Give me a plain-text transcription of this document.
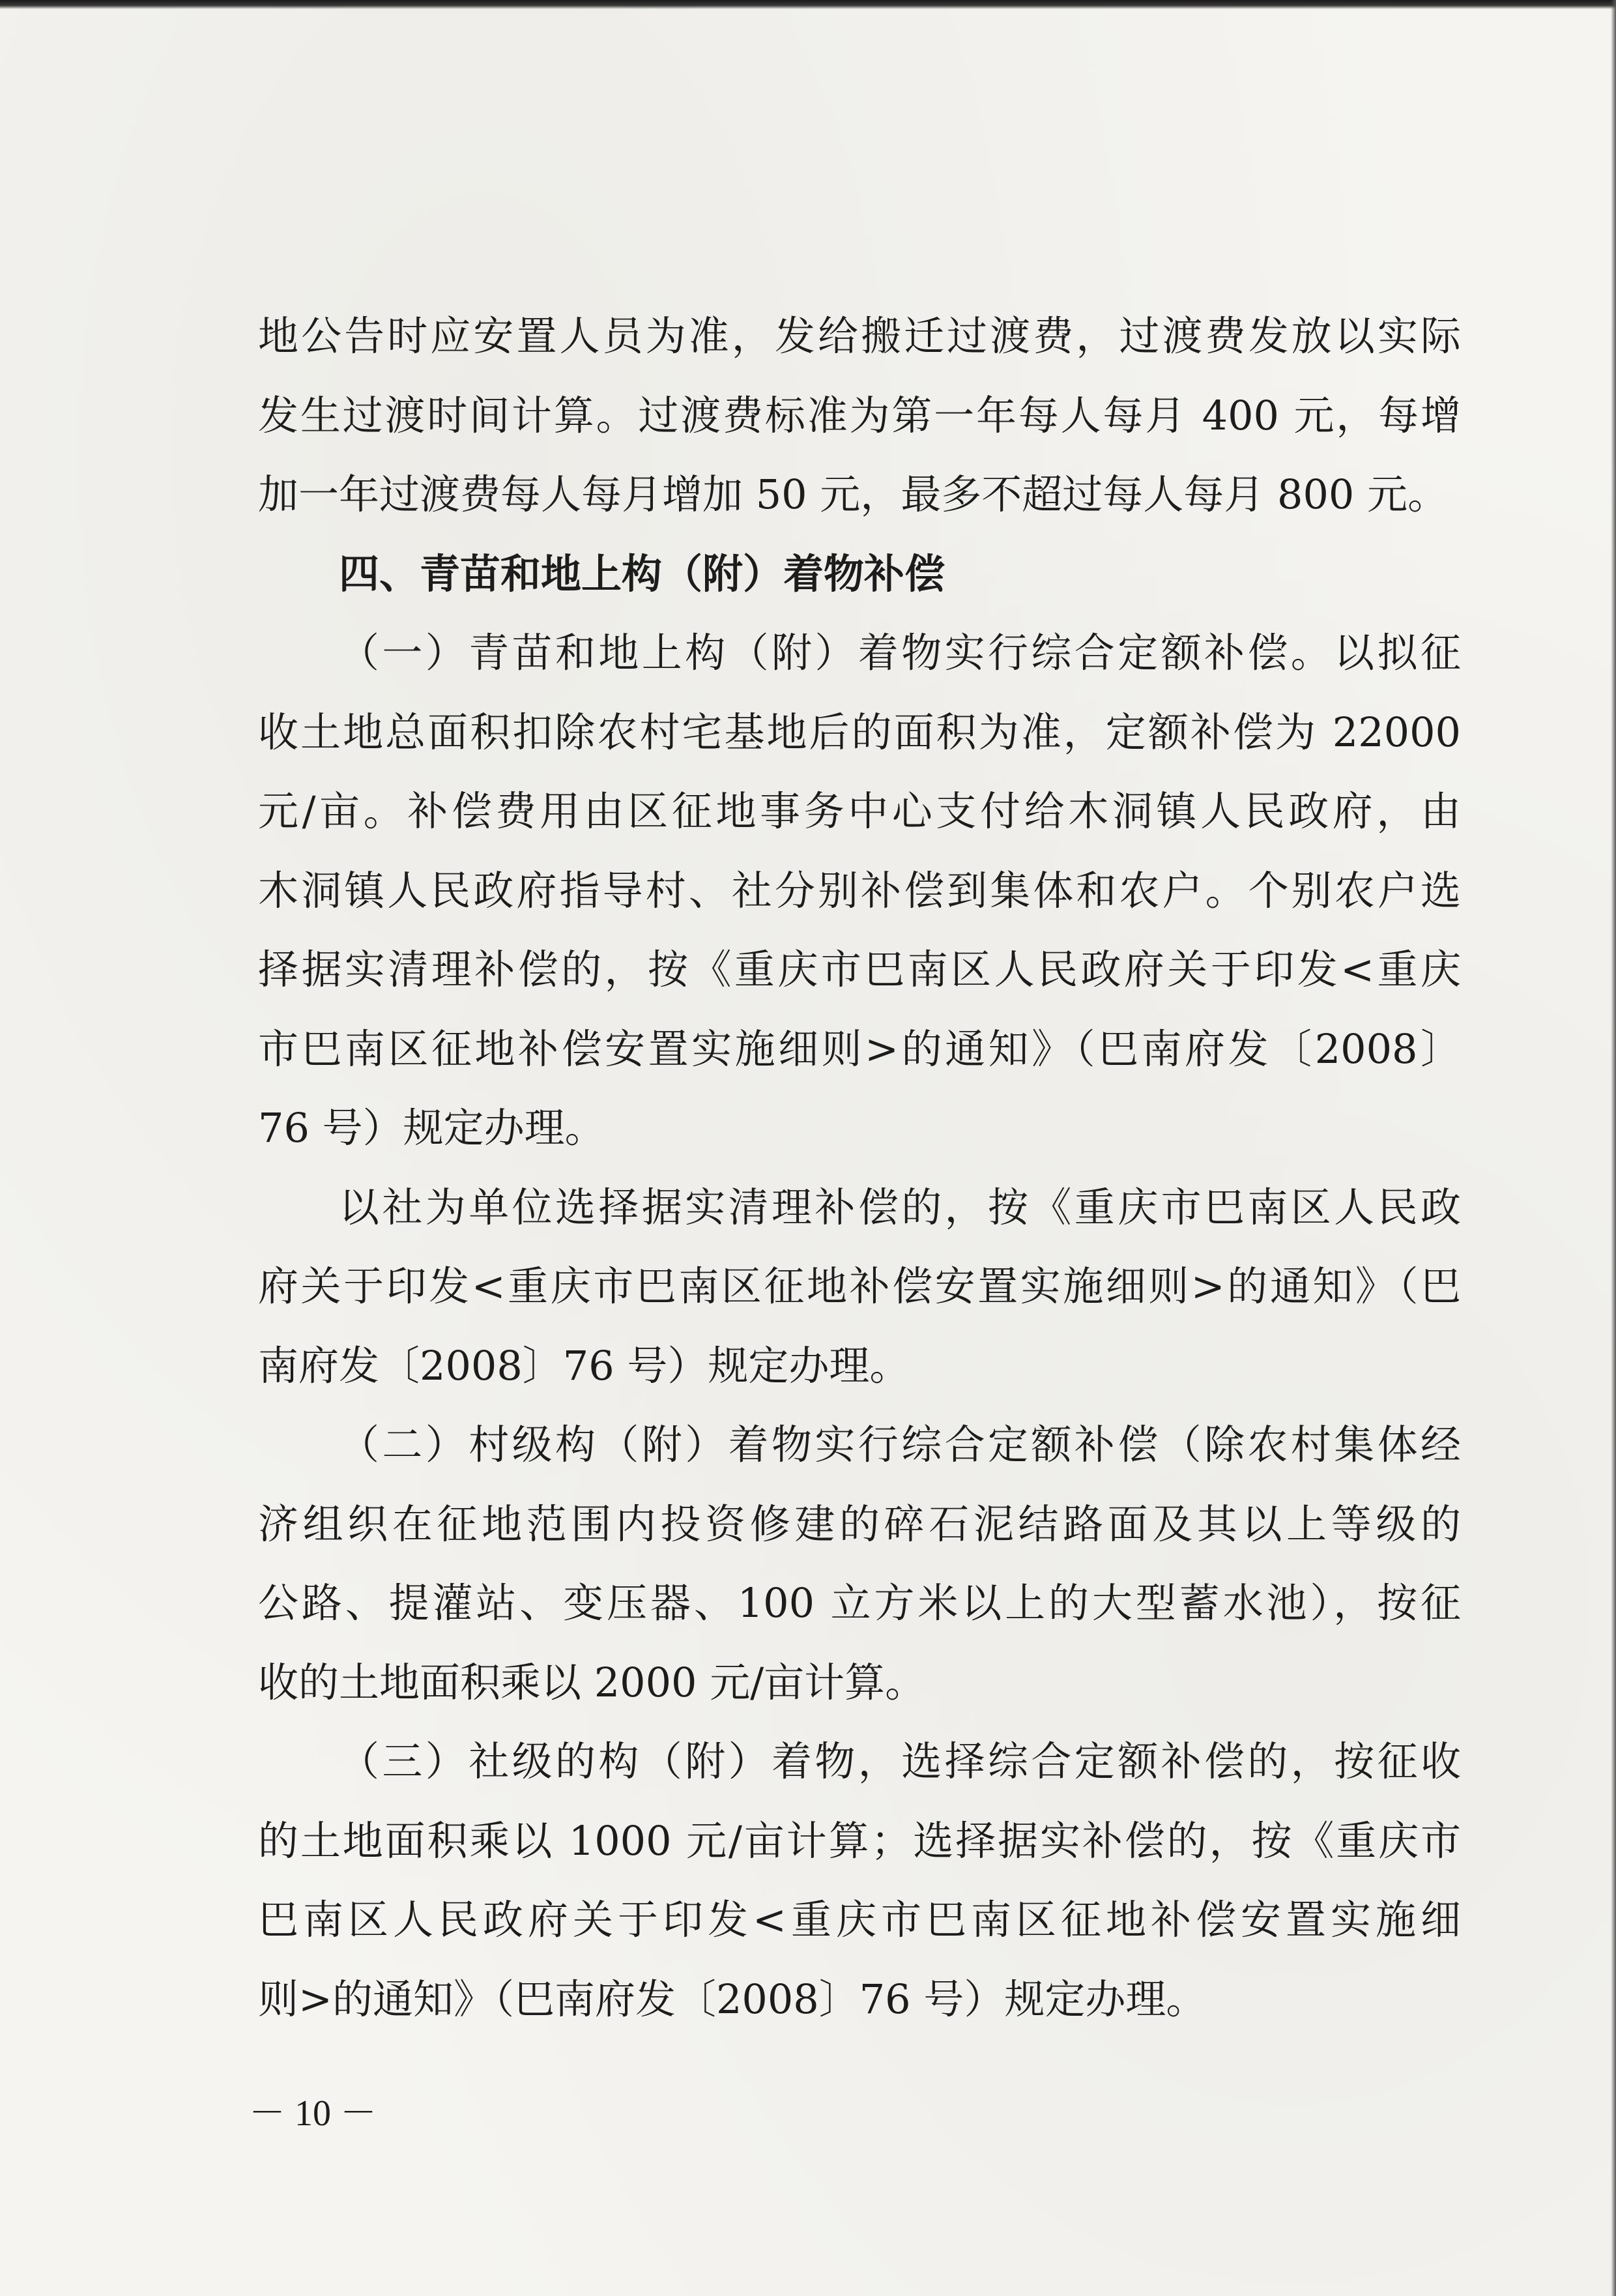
地公告时应安置人员为准，发给搬迁过渡费，过渡费发放以实际
发生过渡时间计算。过渡费标准为第一年每人每月 400 元，每增
加一年过渡费每人每月增加 50 元，最多不超过每人每月 800 元。
四、青苗和地上构（附）着物补偿
（一）青苗和地上构（附）着物实行综合定额补偿。以拟征
收土地总面积扣除农村宅基地后的面积为准，定额补偿为 22000
元/亩。补偿费用由区征地事务中心支付给木洞镇人民政府，由
木洞镇人民政府指导村、社分别补偿到集体和农户。个别农户选
择据实清理补偿的，按《重庆市巴南区人民政府关于印发<重庆
市巴南区征地补偿安置实施细则>的通知》（巴南府发〔2008〕
76 号）规定办理。
以社为单位选择据实清理补偿的，按《重庆市巴南区人民政
府关于印发<重庆市巴南区征地补偿安置实施细则>的通知》（巴
南府发〔2008〕76 号）规定办理。
（二）村级构（附）着物实行综合定额补偿（除农村集体经
济组织在征地范围内投资修建的碎石泥结路面及其以上等级的
公路、提灌站、变压器、100 立方米以上的大型蓄水池），按征
收的土地面积乘以 2000 元/亩计算。
（三）社级的构（附）着物，选择综合定额补偿的，按征收
的土地面积乘以 1000 元/亩计算；选择据实补偿的，按《重庆市
巴南区人民政府关于印发<重庆市巴南区征地补偿安置实施细
则>的通知》（巴南府发〔2008〕76 号）规定办理。
－ 10 －
